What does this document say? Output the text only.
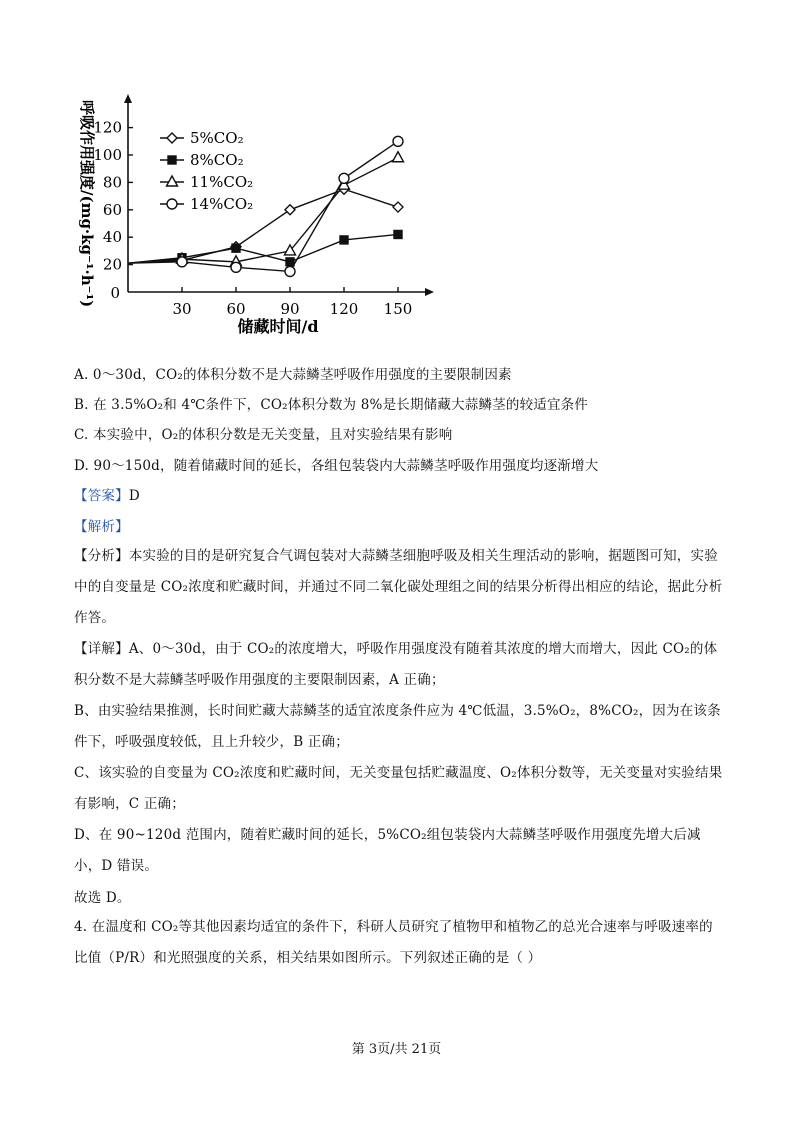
20
40
60
80
100
120
30 60 90 120 150
0
储藏时间/d
呼吸作用强度/(mg·kg⁻¹·h⁻¹)	5%CO₂
8%CO₂
11%CO₂
14%CO₂
A. 0～30d，CO₂的体积分数不是大蒜鳞茎呼吸作用强度的主要限制因素
B. 在 3.5%O₂和 4℃条件下，CO₂体积分数为 8%是长期储藏大蒜鳞茎的较适宜条件
C. 本实验中，O₂的体积分数是无关变量，且对实验结果有影响
D. 90～150d，随着储藏时间的延长，各组包装袋内大蒜鳞茎呼吸作用强度均逐渐增大
【答案】D
【解析】
【分析】本实验的目的是研究复合气调包装对大蒜鳞茎细胞呼吸及相关生理活动的影响，据题图可知，实验中的自变量是 CO₂浓度和贮藏时间，并通过不同二氧化碳处理组之间的结果分析得出相应的结论，据此分析作答。
【详解】A、0～30d，由于 CO₂的浓度增大，呼吸作用强度没有随着其浓度的增大而增大，因此 CO₂的体积分数不是大蒜鳞茎呼吸作用强度的主要限制因素，A 正确；
B、由实验结果推测，长时间贮藏大蒜鳞茎的适宜浓度条件应为 4℃低温，3.5%O₂，8%CO₂，因为在该条件下，呼吸强度较低，且上升较少，B 正确；
C、该实验的自变量为 CO₂浓度和贮藏时间，无关变量包括贮藏温度、O₂体积分数等，无关变量对实验结果有影响，C 正确；
D、在 90~120d 范围内，随着贮藏时间的延长，5%CO₂组包装袋内大蒜鳞茎呼吸作用强度先增大后减小，D 错误。
故选 D。
4. 在温度和 CO₂等其他因素均适宜的条件下，科研人员研究了植物甲和植物乙的总光合速率与呼吸速率的比值（P/R）和光照强度的关系，相关结果如图所示。下列叙述正确的是（ ）
第 3页/共 21页
